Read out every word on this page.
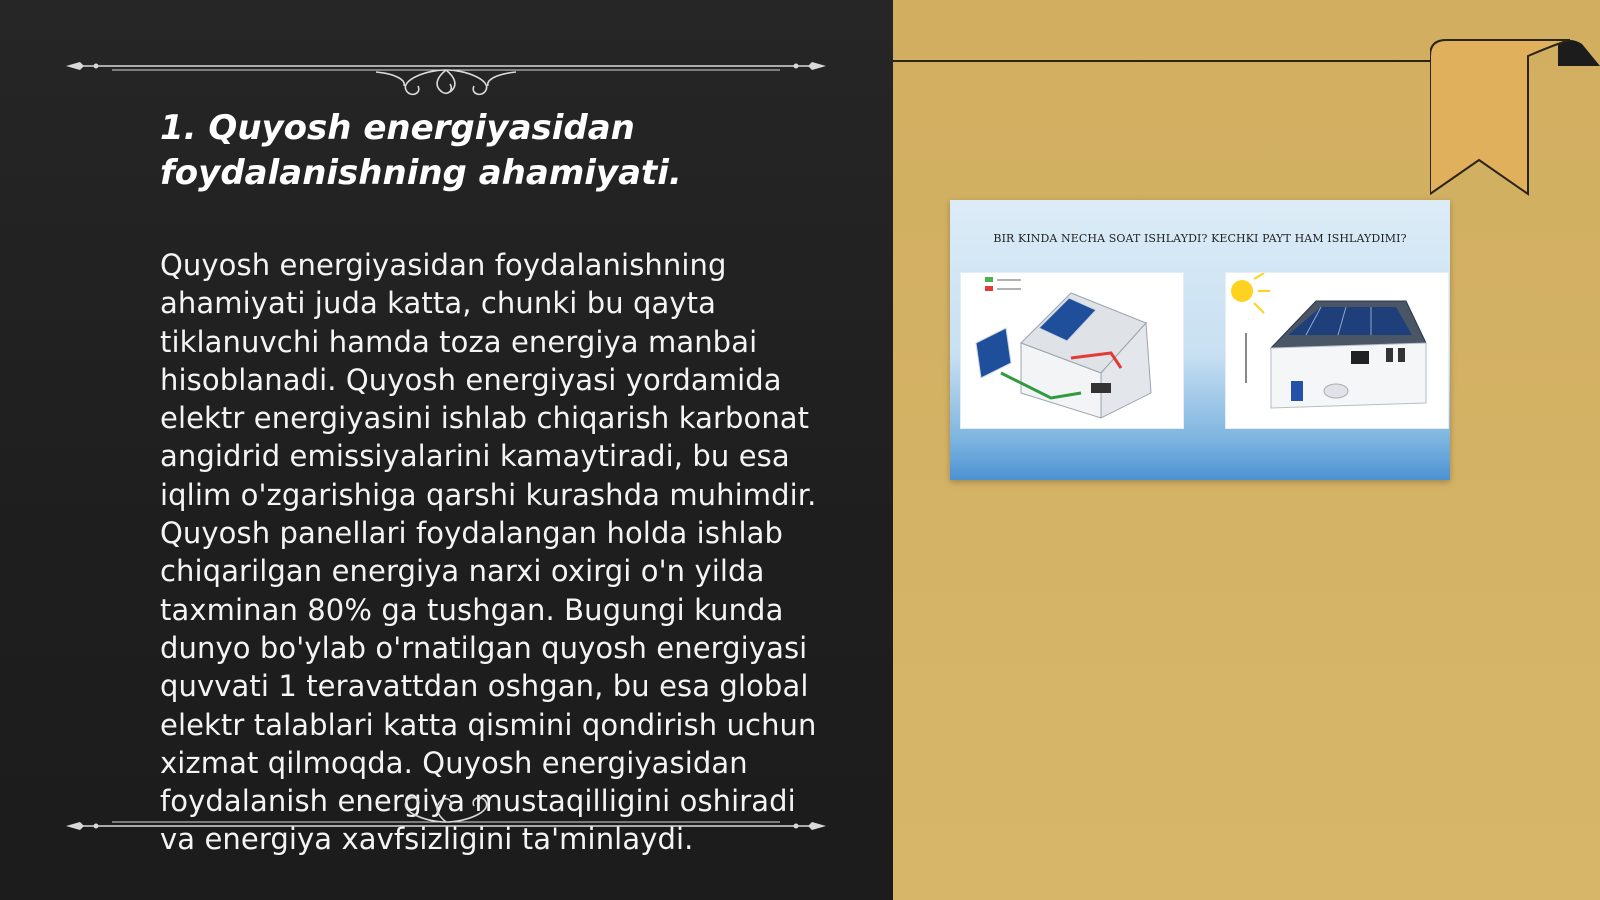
1. Quyosh energiyasidan
foydalanishning ahamiyati.

Quyosh energiyasidan foydalanishning
ahamiyati juda katta, chunki bu qayta
tiklanuvchi hamda toza energiya manbai
hisoblanadi. Quyosh energiyasi yordamida
elektr energiyasini ishlab chiqarish karbonat
angidrid emissiyalarini kamaytiradi, bu esa
iqlim o'zgarishiga qarshi kurashda muhimdir.
Quyosh panellari foydalangan holda ishlab
chiqarilgan energiya narxi oxirgi o'n yilda
taxminan 80% ga tushgan. Bugungi kunda
dunyo bo'ylab o'rnatilgan quyosh energiyasi
quvvati 1 teravattdan oshgan, bu esa global
elektr talablari katta qismini qondirish uchun
xizmat qilmoqda. Quyosh energiyasidan
foydalanish energiya mustaqilligini oshiradi
va energiya xavfsizligini ta'minlaydi.

BIR KINDA NECHA SOAT ISHLAYDI? KECHKI PAYT HAM ISHLAYDIMI?
